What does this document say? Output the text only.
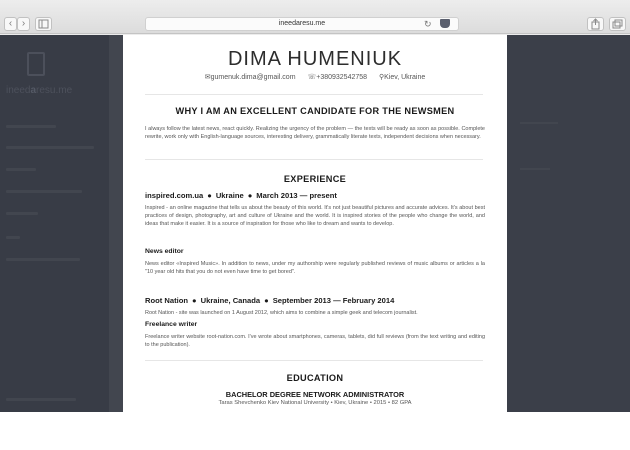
‹ ›	ineedaresu.me	↻
ineedaresu.me
DIMA HUMENIUK
✉gumenuk.dima@gmail.com ☏+380932542758 ⚲Kiev, Ukraine
WHY I AM AN EXCELLENT CANDIDATE FOR THE NEWSMEN
I always follow the latest news, react quickly. Realizing the urgency of the problem — the texts will be ready as soon as possible. Complete rewrite, work only with English-language sources, interesting delivery, grammatically literate texts, independent decisions when necessary.
EXPERIENCE
inspired.com.ua ● Ukraine ● March 2013 — present
Inspired - an online magazine that tells us about the beauty of this world. It's not just beautiful pictures and accurate advices. It's about best practices of design, photography, art and culture of Ukraine and the world. It is inspired stories of the people who change the world, and ideas that make it easier. It is a source of inspiration for those who like to dream and wants to develop.
News editor
News editor «Inspired Music». In addition to news, under my authorship were regularly published reviews of music albums or articles a la "10 year old hits that you do not even have time to get bored".
Root Nation ● Ukraine, Canada ● September 2013 — February 2014
Root Nation - site was launched on 1 August 2012, which aims to combine a simple geek and telecom journalist.
Freelance writer
Freelance writer website root-nation.com. I've wrote about smartphones, cameras, tablets, did full reviews (from the text writing and editing to the publication).
EDUCATION
BACHELOR DEGREE NETWORK ADMINISTRATOR
Taras Shevchenko Kiev National University • Kiev, Ukraine • 2015 • 82 GPA
